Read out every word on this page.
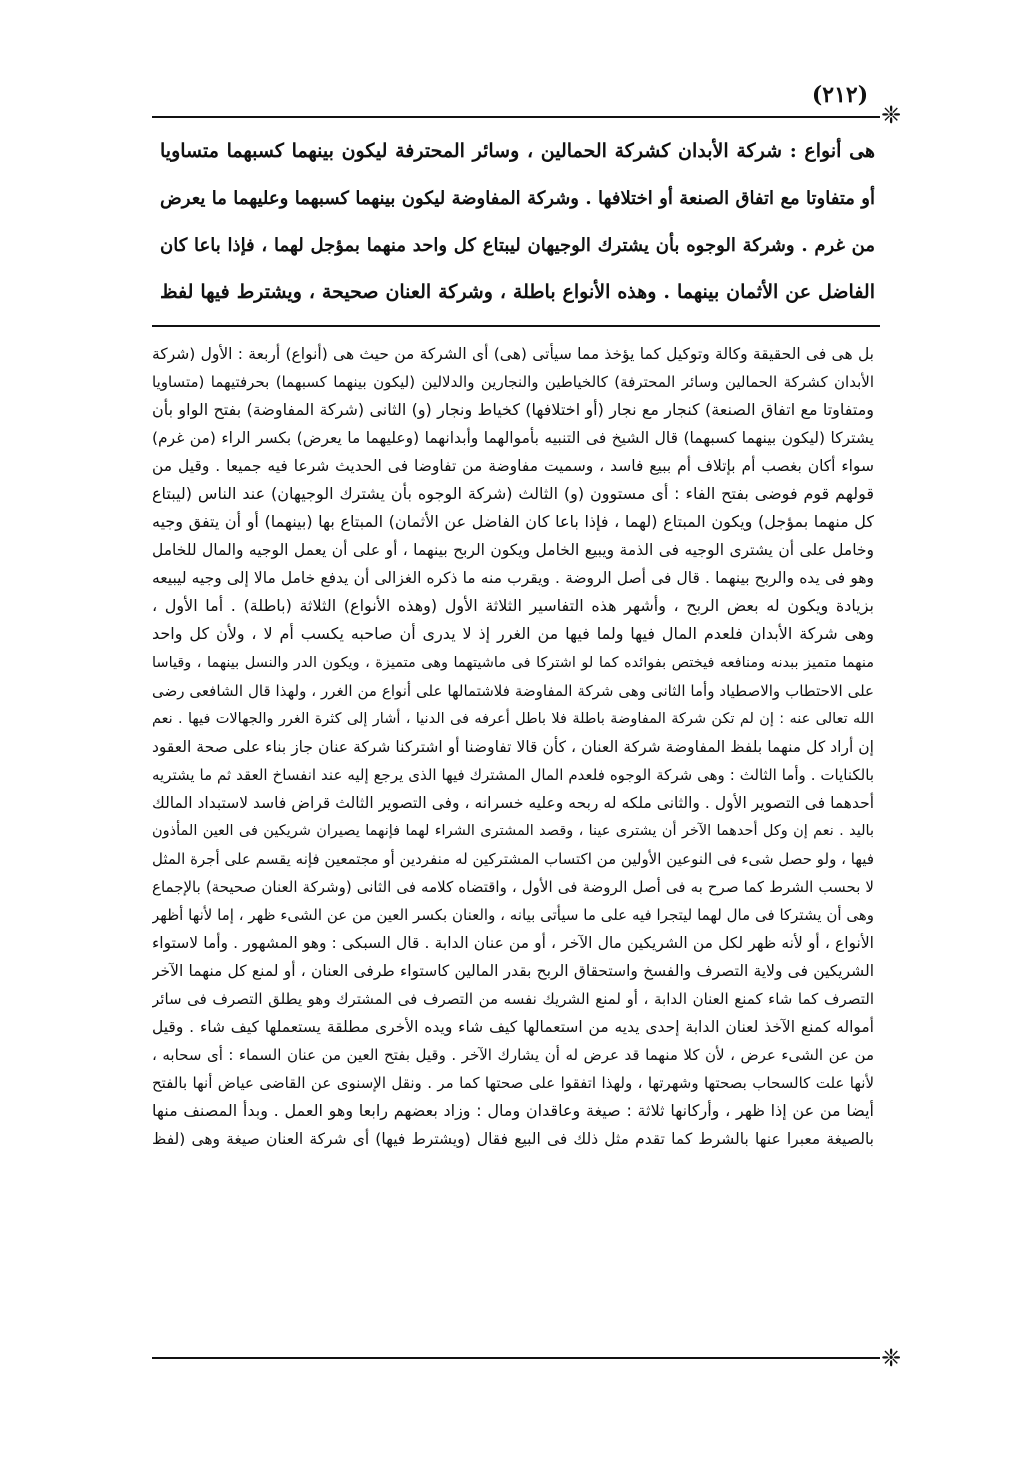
(٢١٢)
❈
هى أنواع : شركة الأبدان كشركة الحمالين ، وسائر المحترفة ليكون بينهما كسبهما متساويا
أو متفاوتا مع اتفاق الصنعة أو اختلافها . وشركة المفاوضة ليكون بينهما كسبهما وعليهما ما يعرض
من غرم . وشركة الوجوه بأن يشترك الوجيهان ليبتاع كل واحد منهما بمؤجل لهما ، فإذا باعا كان
الفاضل عن الأثمان بينهما . وهذه الأنواع باطلة ، وشركة العنان صحيحة ، ويشترط فيها لفظ
بل هى فى الحقيقة وكالة وتوكيل كما يؤخذ مما سيأتى (هى) أى الشركة من حيث هى (أنواع) أربعة : الأول (شركة
الأبدان كشركة الحمالين وسائر المحترفة) كالخياطين والنجارين والدلالين (ليكون بينهما كسبهما) بحرفتيهما (متساويا
ومتفاوتا مع اتفاق الصنعة) كنجار مع نجار (أو اختلافها) كخياط ونجار (و) الثانى (شركة المفاوضة) بفتح الواو بأن
يشتركا (ليكون بينهما كسبهما) قال الشيخ فى التنبيه بأموالهما وأبدانهما (وعليهما ما يعرض) بكسر الراء (من غرم)
سواء أكان بغصب أم بإتلاف أم ببيع فاسد ، وسميت مفاوضة من تفاوضا فى الحديث شرعا فيه جميعا . وقيل من
قولهم قوم فوضى بفتح الفاء : أى مستوون (و) الثالث (شركة الوجوه بأن يشترك الوجيهان) عند الناس (ليبتاع
كل منهما بمؤجل) ويكون المبتاع (لهما ، فإذا باعا كان الفاضل عن الأثمان) المبتاع بها (بينهما) أو أن يتفق وجيه
وخامل على أن يشترى الوجيه فى الذمة ويبيع الخامل ويكون الربح بينهما ، أو على أن يعمل الوجيه والمال للخامل
وهو فى يده والربح بينهما . قال فى أصل الروضة . ويقرب منه ما ذكره الغزالى أن يدفع خامل مالا إلى وجيه ليبيعه
بزيادة ويكون له بعض الربح ، وأشهر هذه التفاسير الثلاثة الأول (وهذه الأنواع) الثلاثة (باطلة) . أما الأول ،
وهى شركة الأبدان فلعدم المال فيها ولما فيها من الغرر إذ لا يدرى أن صاحبه يكسب أم لا ، ولأن كل واحد
منهما متميز ببدنه ومنافعه فيختص بفوائده كما لو اشتركا فى ماشيتهما وهى متميزة ، ويكون الدر والنسل بينهما ، وقياسا
على الاحتطاب والاصطياد وأما الثانى وهى شركة المفاوضة فلاشتمالها على أنواع من الغرر ، ولهذا قال الشافعى رضى
الله تعالى عنه : إن لم تكن شركة المفاوضة باطلة فلا باطل أعرفه فى الدنيا ، أشار إلى كثرة الغرر والجهالات فيها . نعم
إن أراد كل منهما بلفظ المفاوضة شركة العنان ، كأن قالا تفاوضنا أو اشتركنا شركة عنان جاز بناء على صحة العقود
بالكنايات . وأما الثالث : وهى شركة الوجوه فلعدم المال المشترك فيها الذى يرجع إليه عند انفساخ العقد ثم ما يشتريه
أحدهما فى التصوير الأول . والثانى ملكه له ربحه وعليه خسرانه ، وفى التصوير الثالث قراض فاسد لاستبداد المالك
باليد . نعم إن وكل أحدهما الآخر أن يشترى عينا ، وقصد المشترى الشراء لهما فإنهما يصيران شريكين فى العين المأذون
فيها ، ولو حصل شىء فى النوعين الأولين من اكتساب المشتركين له منفردين أو مجتمعين فإنه يقسم على أجرة المثل
لا بحسب الشرط كما صرح به فى أصل الروضة فى الأول ، واقتضاه كلامه فى الثانى (وشركة العنان صحيحة) بالإجماع
وهى أن يشتركا فى مال لهما ليتجرا فيه على ما سيأتى بيانه ، والعنان بكسر العين من عن الشىء ظهر ، إما لأنها أظهر
الأنواع ، أو لأنه ظهر لكل من الشريكين مال الآخر ، أو من عنان الدابة . قال السبكى : وهو المشهور . وأما لاستواء
الشريكين فى ولاية التصرف والفسخ واستحقاق الربح بقدر المالين كاستواء طرفى العنان ، أو لمنع كل منهما الآخر
التصرف كما شاء كمنع العنان الدابة ، أو لمنع الشريك نفسه من التصرف فى المشترك وهو يطلق التصرف فى سائر
أمواله كمنع الآخذ لعنان الدابة إحدى يديه من استعمالها كيف شاء ويده الأخرى مطلقة يستعملها كيف شاء . وقيل
من عن الشىء عرض ، لأن كلا منهما قد عرض له أن يشارك الآخر . وقيل بفتح العين من عنان السماء : أى سحابه ،
لأنها علت كالسحاب بصحتها وشهرتها ، ولهذا اتفقوا على صحتها كما مر . ونقل الإسنوى عن القاضى عياض أنها بالفتح
أيضا من عن إذا ظهر ، وأركانها ثلاثة : صيغة وعاقدان ومال : وزاد بعضهم رابعا وهو العمل . وبدأ المصنف منها
بالصيغة معبرا عنها بالشرط كما تقدم مثل ذلك فى البيع فقال (ويشترط فيها) أى شركة العنان صيغة وهى (لفظ
❈
